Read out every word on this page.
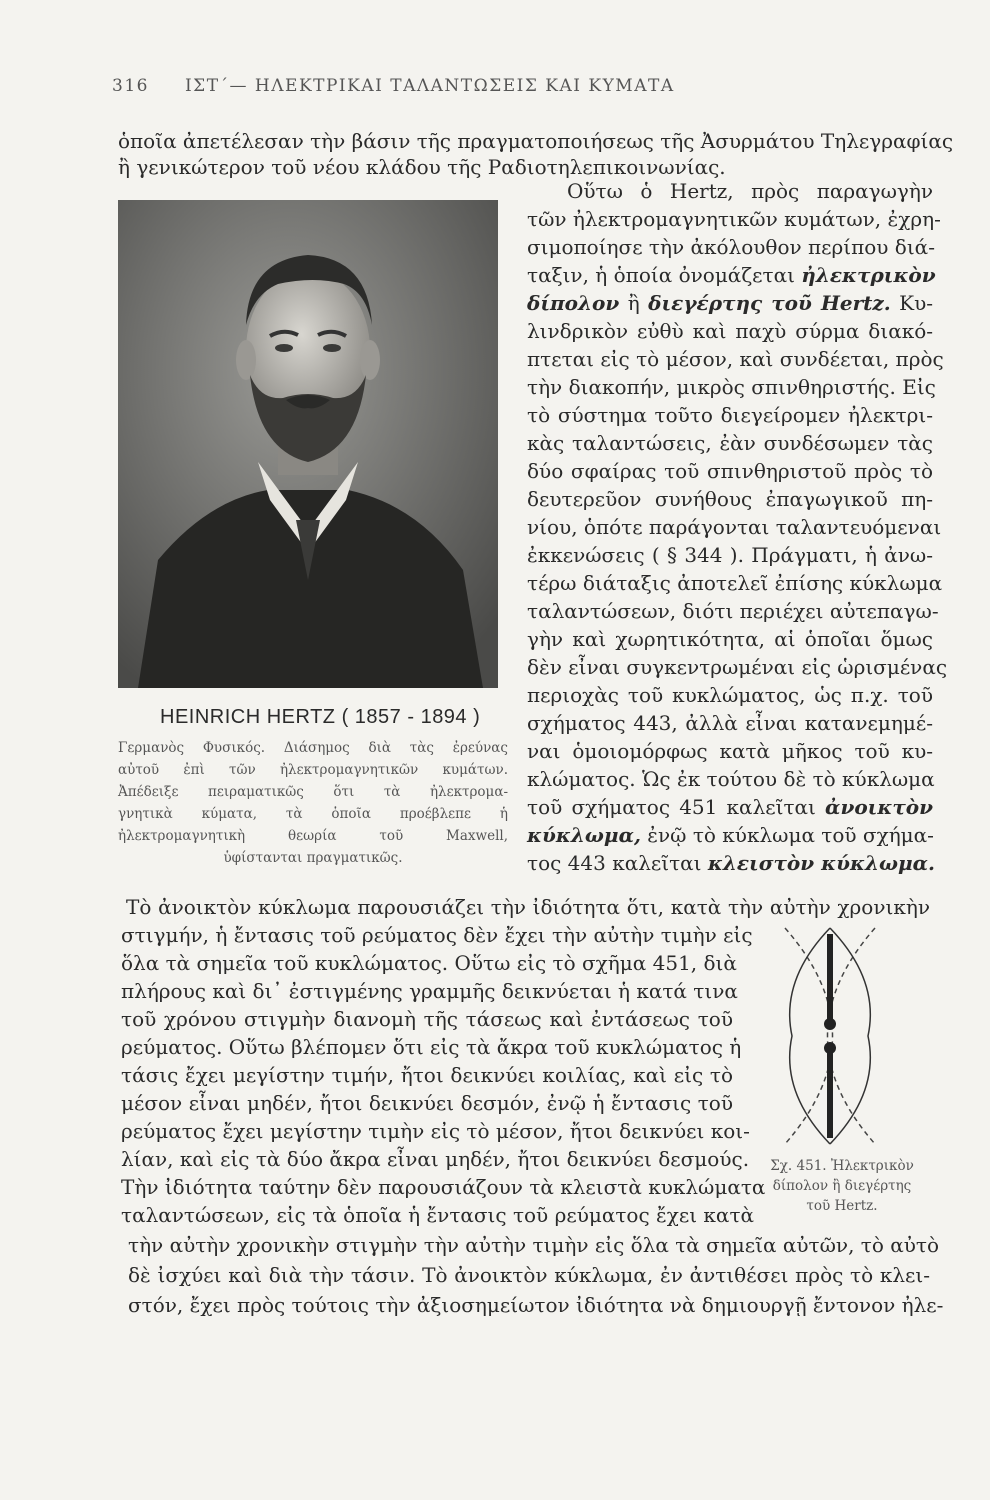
316 ΙΣΤ΄— ΗΛΕΚΤΡΙΚΑΙ ΤΑΛΑΝΤΩΣΕΙΣ ΚΑΙ ΚΥΜΑΤΑ
ὁποῖα ἀπετέλεσαν τὴν βάσιν τῆς πραγματοποιήσεως τῆς Ἀσυρμάτου Τηλεγραφίας
ἢ γενικώτερον τοῦ νέου κλάδου τῆς Ραδιοτηλεπικοινωνίας.
Οὕτω ὁ Hertz, πρὸς παραγωγὴν
τῶν ἠλεκτρομαγνητικῶν κυμάτων, ἐχρη-
σιμοποίησε τὴν ἀκόλουθον περίπου διά-
ταξιν, ἡ ὁποία ὀνομάζεται ἠλεκτρικὸν
δίπολον ἢ διεγέρτης τοῦ Hertz. Κυ-
λινδρικὸν εὐθὺ καὶ παχὺ σύρμα διακό-
πτεται εἰς τὸ μέσον, καὶ συνδέεται, πρὸς
τὴν διακοπήν, μικρὸς σπινθηριστής. Εἰς
τὸ σύστημα τοῦτο διεγείρομεν ἠλεκτρι-
κὰς ταλαντώσεις, ἐὰν συνδέσωμεν τὰς
δύο σφαίρας τοῦ σπινθηριστοῦ πρὸς τὸ
δευτερεῦον συνήθους ἐπαγωγικοῦ πη-
νίου, ὁπότε παράγονται ταλαντευόμεναι
ἐκκενώσεις ( § 344 ). Πράγματι, ἡ ἀνω-
τέρω διάταξις ἀποτελεῖ ἐπίσης κύκλωμα
ταλαντώσεων, διότι περιέχει αὐτεπαγω-
γὴν καὶ χωρητικότητα, αἱ ὁποῖαι ὅμως
δὲν εἶναι συγκεντρωμέναι εἰς ὡρισμένας
περιοχὰς τοῦ κυκλώματος, ὡς π.χ. τοῦ
σχήματος 443, ἀλλὰ εἶναι κατανεμημέ-
ναι ὁμοιομόρφως κατὰ μῆκος τοῦ κυ-
κλώματος. Ὡς ἐκ τούτου δὲ τὸ κύκλωμα
τοῦ σχήματος 451 καλεῖται ἀνοικτὸν
κύκλωμα, ἐνῷ τὸ κύκλωμα τοῦ σχήμα-
τος 443 καλεῖται κλειστὸν κύκλωμα.
HEINRICH HERTZ ( 1857 - 1894 )
Γερμανὸς Φυσικός. Διάσημος διὰ τὰς ἐρεύνας
αὐτοῦ ἐπὶ τῶν ἠλεκτρομαγνητικῶν κυμάτων.
Ἀπέδειξε πειραματικῶς ὅτι τὰ ἠλεκτρομα-
γνητικὰ κύματα, τὰ ὁποῖα προέβλεπε ἡ
ἠλεκτρομαγνητικὴ θεωρία τοῦ Maxwell,
ὑφίστανται πραγματικῶς.
Τὸ ἀνοικτὸν κύκλωμα παρουσιάζει τὴν ἰδιότητα ὅτι, κατὰ τὴν αὐτὴν χρονικὴν
στιγμήν, ἡ ἔντασις τοῦ ρεύματος δὲν ἔχει τὴν αὐτὴν τιμὴν εἰς
ὅλα τὰ σημεῖα τοῦ κυκλώματος. Οὕτω εἰς τὸ σχῆμα 451, διὰ
πλήρους καὶ δι᾽ ἐστιγμένης γραμμῆς δεικνύεται ἡ κατά τινα
τοῦ χρόνου στιγμὴν διανομὴ τῆς τάσεως καὶ ἐντάσεως τοῦ
ρεύματος. Οὕτω βλέπομεν ὅτι εἰς τὰ ἄκρα τοῦ κυκλώματος ἡ
τάσις ἔχει μεγίστην τιμήν, ἤτοι δεικνύει κοιλίας, καὶ εἰς τὸ
μέσον εἶναι μηδέν, ἤτοι δεικνύει δεσμόν, ἐνῷ ἡ ἔντασις τοῦ
ρεύματος ἔχει μεγίστην τιμὴν εἰς τὸ μέσον, ἤτοι δεικνύει κοι-
λίαν, καὶ εἰς τὰ δύο ἄκρα εἶναι μηδέν, ἤτοι δεικνύει δεσμούς.
Τὴν ἰδιότητα ταύτην δὲν παρουσιάζουν τὰ κλειστὰ κυκλώματα
ταλαντώσεων, εἰς τὰ ὁποῖα ἡ ἔντασις τοῦ ρεύματος ἔχει κατὰ
τὴν αὐτὴν χρονικὴν στιγμὴν τὴν αὐτὴν τιμὴν εἰς ὅλα τὰ σημεῖα αὐτῶν, τὸ αὐτὸ
δὲ ἰσχύει καὶ διὰ τὴν τάσιν. Τὸ ἀνοικτὸν κύκλωμα, ἐν ἀντιθέσει πρὸς τὸ κλει-
στόν, ἔχει πρὸς τούτοις τὴν ἀξιοσημείωτον ἰδιότητα νὰ δημιουργῇ ἔντονον ἠλε-
Σχ. 451. Ἠλεκτρικὸν
δίπολον ἢ διεγέρτης
τοῦ Hertz.
